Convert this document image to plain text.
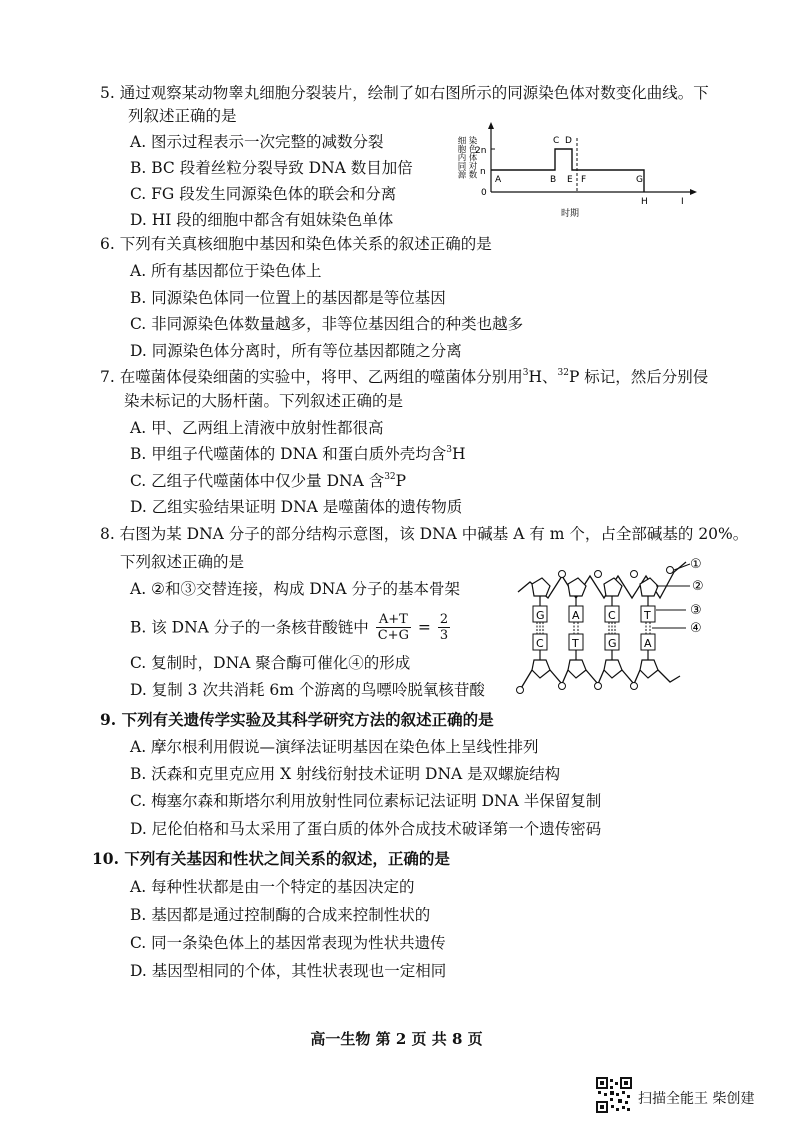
5. 通过观察某动物睾丸细胞分裂装片，绘制了如右图所示的同源染色体对数变化曲线。下
列叙述正确的是
A. 图示过程表示一次完整的减数分裂
B. BC 段着丝粒分裂导致 DNA 数目加倍
C. FG 段发生同源染色体的联会和分离
D. HI 段的细胞中都含有姐妹染色单体
细胞内同源 染色体对数
2n
n
0
A	B
C D
E F	G
H	I
时期
6. 下列有关真核细胞中基因和染色体关系的叙述正确的是
A. 所有基因都位于染色体上
B. 同源染色体同一位置上的基因都是等位基因
C. 非同源染色体数量越多，非等位基因组合的种类也越多
D. 同源染色体分离时，所有等位基因都随之分离
7. 在噬菌体侵染细菌的实验中，将甲、乙两组的噬菌体分别用$^3$H、$^{32}$P 标记，然后分别侵
染未标记的大肠杆菌。下列叙述正确的是
A. 甲、乙两组上清液中放射性都很高
B. 甲组子代噬菌体的 DNA 和蛋白质外壳均含$^3$H
C. 乙组子代噬菌体中仅少量 DNA 含$^{32}$P
D. 乙组实验结果证明 DNA 是噬菌体的遗传物质
8. 右图为某 DNA 分子的部分结构示意图，该 DNA 中碱基 A 有 m 个，占全部碱基的 20%。
下列叙述正确的是
A. ②和③交替连接，构成 DNA 分子的基本骨架
B. 该 DNA 分子的一条核苷酸链中 $\frac{A+T}{C+G} = \frac{2}{3}$
C. 复制时，DNA 聚合酶可催化④的形成
D. 复制 3 次共消耗 6m 个游离的鸟嘌呤脱氧核苷酸
G A	C	T
C	T	G A
①
②
③
④
9. 下列有关遗传学实验及其科学研究方法的叙述正确的是
A. 摩尔根利用假说—演绎法证明基因在染色体上呈线性排列
B. 沃森和克里克应用 X 射线衍射技术证明 DNA 是双螺旋结构
C. 梅塞尔森和斯塔尔利用放射性同位素标记法证明 DNA 半保留复制
D. 尼伦伯格和马太采用了蛋白质的体外合成技术破译第一个遗传密码
10. 下列有关基因和性状之间关系的叙述，正确的是
A. 每种性状都是由一个特定的基因决定的
B. 基因都是通过控制酶的合成来控制性状的
C. 同一条染色体上的基因常表现为性状共遗传
D. 基因型相同的个体，其性状表现也一定相同
高一生物 第 2 页 共 8 页
扫描全能王 柴创建
